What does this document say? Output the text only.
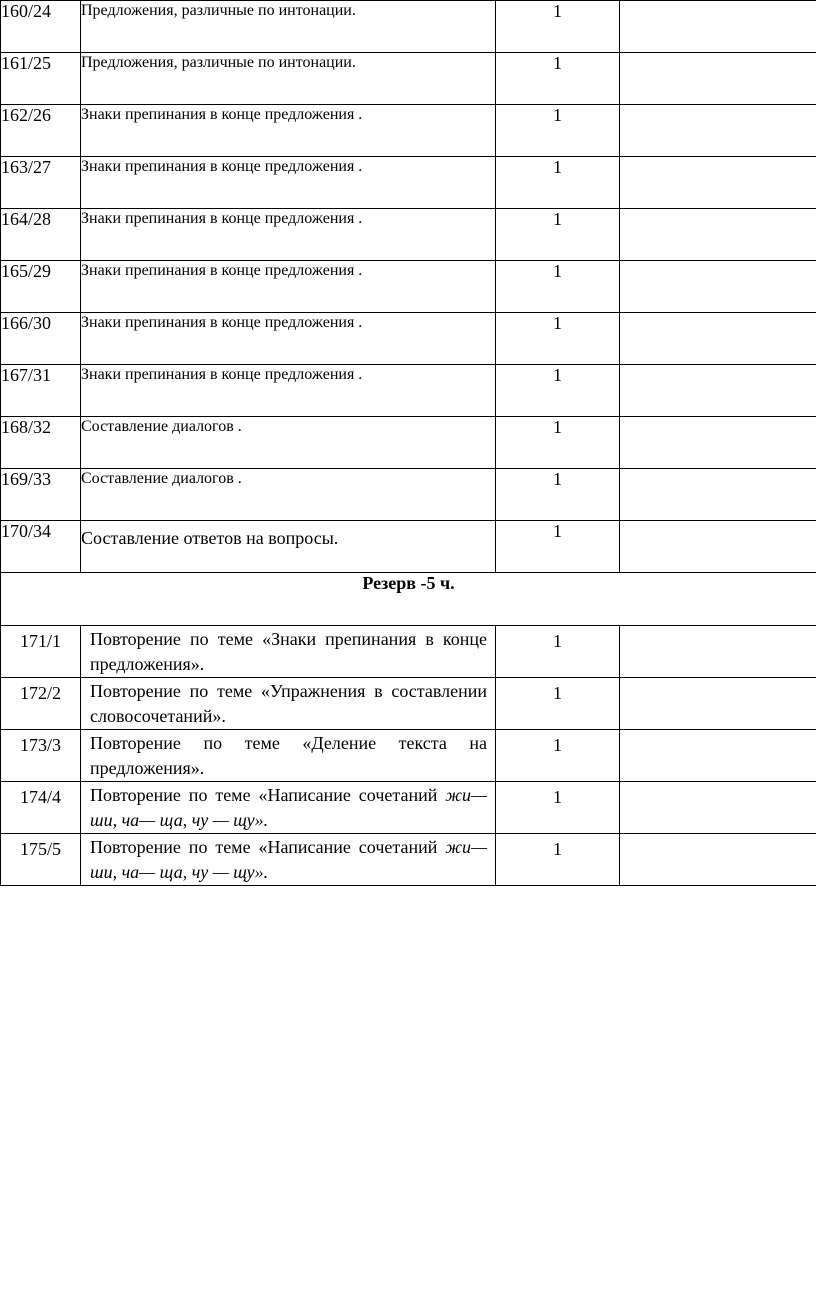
160/24	Предложения, различные по интонации.	1	
161/25	Предложения, различные по интонации.	1	
162/26	Знаки препинания в конце предложения .	1	
163/27	Знаки препинания в конце предложения .	1	
164/28	Знаки препинания в конце предложения .	1	
165/29	Знаки препинания в конце предложения .	1	
166/30	Знаки препинания в конце предложения .	1	
167/31	Знаки препинания в конце предложения .	1	
168/32	Составление диалогов .	1	
169/33	Составление диалогов .	1	
170/34	Составление ответов на вопросы.	1	
Резерв -5 ч.			
171/1	Повторение по теме «Знаки препинания в конце предложения».	1	
172/2	Повторение по теме «Упражнения в составлении словосочетаний».	1	
173/3	Повторение по теме «Деление текста на предложения».	1	
174/4	Повторение по теме «Написание сочетаний жи— ши, ча— ща, чу — щу».	1	
175/5	Повторение по теме «Написание сочетаний жи— ши, ча— ща, чу — щу».	1	
